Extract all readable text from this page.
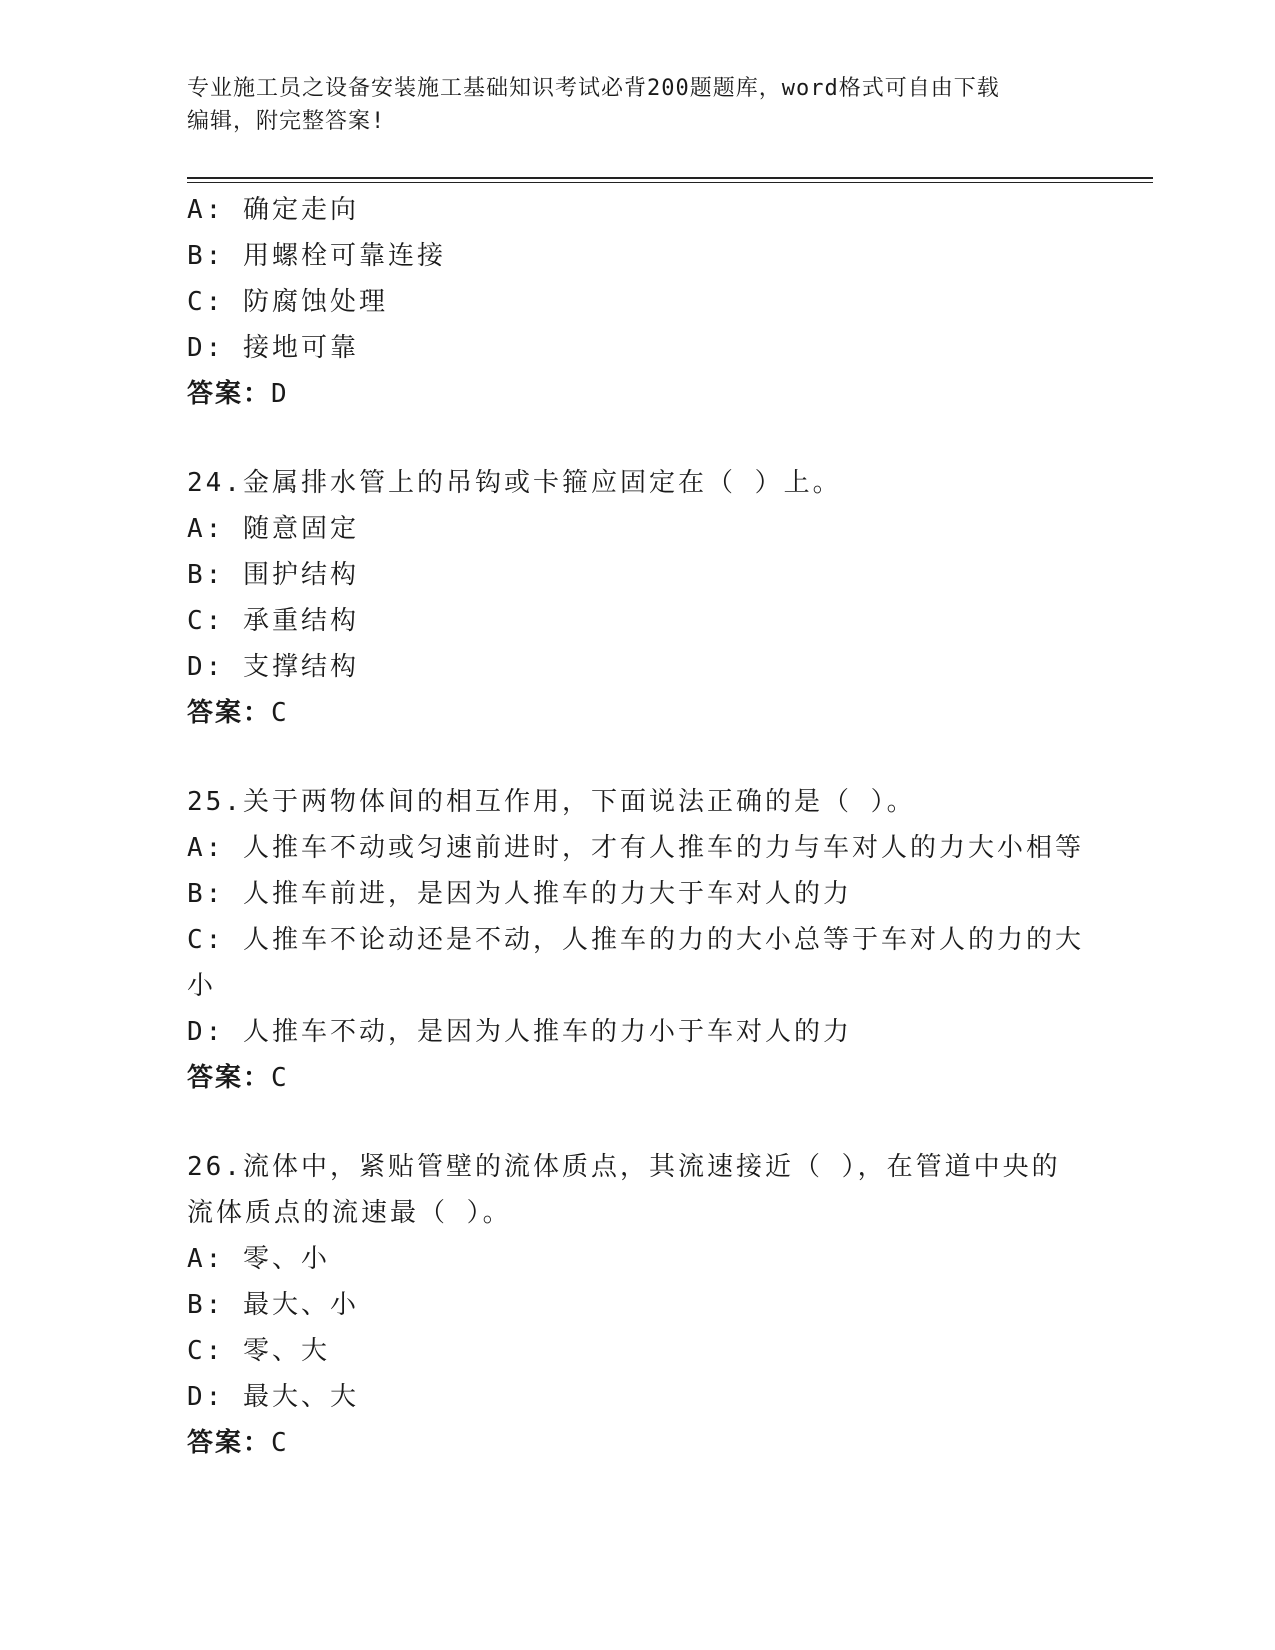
专业施工员之设备安装施工基础知识考试必背200题题库，word格式可自由下载
编辑，附完整答案!
A: 确定走向
B: 用螺栓可靠连接
C: 防腐蚀处理
D: 接地可靠
答案：D
24.金属排水管上的吊钩或卡箍应固定在（ ）上。
A: 随意固定
B: 围护结构
C: 承重结构
D: 支撑结构
答案：C
25.关于两物体间的相互作用，下面说法正确的是（ ）。
A: 人推车不动或匀速前进时，才有人推车的力与车对人的力大小相等
B: 人推车前进，是因为人推车的力大于车对人的力
C: 人推车不论动还是不动，人推车的力的大小总等于车对人的力的大小
D: 人推车不动，是因为人推车的力小于车对人的力
答案：C
26.流体中，紧贴管壁的流体质点，其流速接近（ ），在管道中央的流体质点的流速最（ ）。
A: 零、小
B: 最大、小
C: 零、大
D: 最大、大
答案：C
